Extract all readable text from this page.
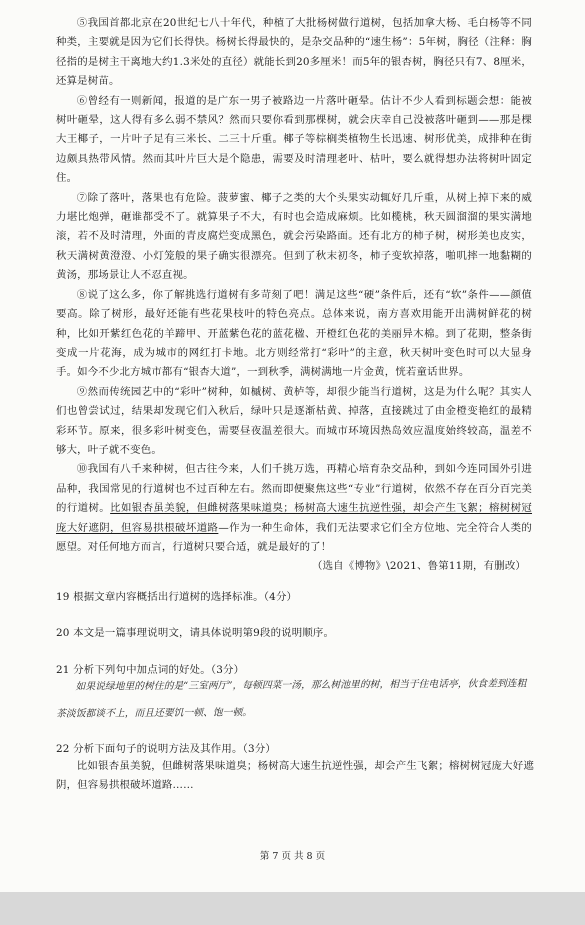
⑤我国首都北京在20世纪七八十年代，种植了大批杨树做行道树，包括加拿大杨、毛白杨等不同种类，主要就是因为它们长得快。杨树长得最快的，是杂交品种的“速生杨”：5年树，胸径（注释：胸径指的是树主干离地大约1.3米处的直径）就能长到20多厘米！而5年的银杏树，胸径只有7、8厘米，还算是树苗。

⑥曾经有一则新闻，报道的是广东一男子被路边一片落叶砸晕。估计不少人看到标题会想：能被树叶砸晕，这人得有多么弱不禁风？然而只要你看到那棵树，就会庆幸自己没被落叶砸到——那是棵大王椰子，一片叶子足有三米长、二三十斤重。椰子等棕榈类植物生长迅速、树形优美，成排种在街边颇具热带风情。然而其叶片巨大是个隐患，需要及时清理老叶、枯叶，要么就得想办法将树叶固定住。

⑦除了落叶，落果也有危险。菠萝蜜、椰子之类的大个头果实动辄好几斤重，从树上掉下来的威力堪比炮弹，砸谁都受不了。就算果子不大，有时也会造成麻烦。比如榄桃，秋天圆溜溜的果实满地滚，若不及时清理，外面的青皮腐烂变成黑色，就会污染路面。还有北方的柿子树，树形美也皮实，秋天满树黄澄澄、小灯笼般的果子确实很漂亮。但到了秋末初冬，柿子变软掉落，啪叽摔一地黏糊的黄汤，那场景让人不忍直视。

⑧说了这么多，你了解挑选行道树有多苛刻了吧！满足这些“硬”条件后，还有“软”条件——颜值要高。除了树形，最好还能有些花果枝叶的特色亮点。总体来说，南方喜欢用能开出满树鲜花的树种，比如开紫红色花的羊蹄甲、开蓝紫色花的蓝花楹、开橙红色花的美丽异木棉。到了花期，整条街变成一片花海，成为城市的网红打卡地。北方则经常打“彩叶”的主意，秋天树叶变色时可以大显身手。如今不少北方城市都有“银杏大道”，一到秋季，满树满地一片金黄，恍若童话世界。

⑨然而传统园艺中的“彩叶”树种，如槭树、黄栌等，却很少能当行道树，这是为什么呢？其实人们也曾尝试过，结果却发现它们入秋后，绿叶只是逐渐枯黄、掉落，直接跳过了由金橙变艳红的最精彩环节。原来，很多彩叶树变色，需要昼夜温差很大。而城市环境因热岛效应温度始终较高，温差不够大，叶子就不变色。

⑩我国有八千来种树，但古往今来，人们千挑万选，再精心培育杂交品种，到如今连同国外引进品种，我国常见的行道树也不过百种左右。然而即便聚焦这些“专业”行道树，依然不存在百分百完美的行道树。比如银杏虽美貌，但雌树落果味道臭；杨树高大速生抗逆性强，却会产生飞絮；榕树树冠庞大好遮阴，但容易拱根破坏道路—作为一种生命体，我们无法要求它们全方位地、完全符合人类的愿望。对任何地方而言，行道树只要合适，就是最好的了！

（选自《博物》\2021、鲁第11期，有删改）

19 根据文章内容概括出行道树的选择标准。（4分）
20 本文是一篇事理说明文，请具体说明第9段的说明顺序。
21 分析下列句中加点词的好处。（3分）
如果说绿地里的树住的是“三室两厅”，每顿四菜一汤，那么树池里的树，相当于住电话亭，伙食差到连粗茶淡饭都谈不上，而且还要饥一顿、饱一顿。
22 分析下面句子的说明方法及其作用。（3分）
比如银杏虽美貌，但雌树落果味道臭；杨树高大速生抗逆性强，却会产生飞絮；榕树树冠庞大好遮阴，但容易拱根破坏道路……
第 7 页 共 8 页
